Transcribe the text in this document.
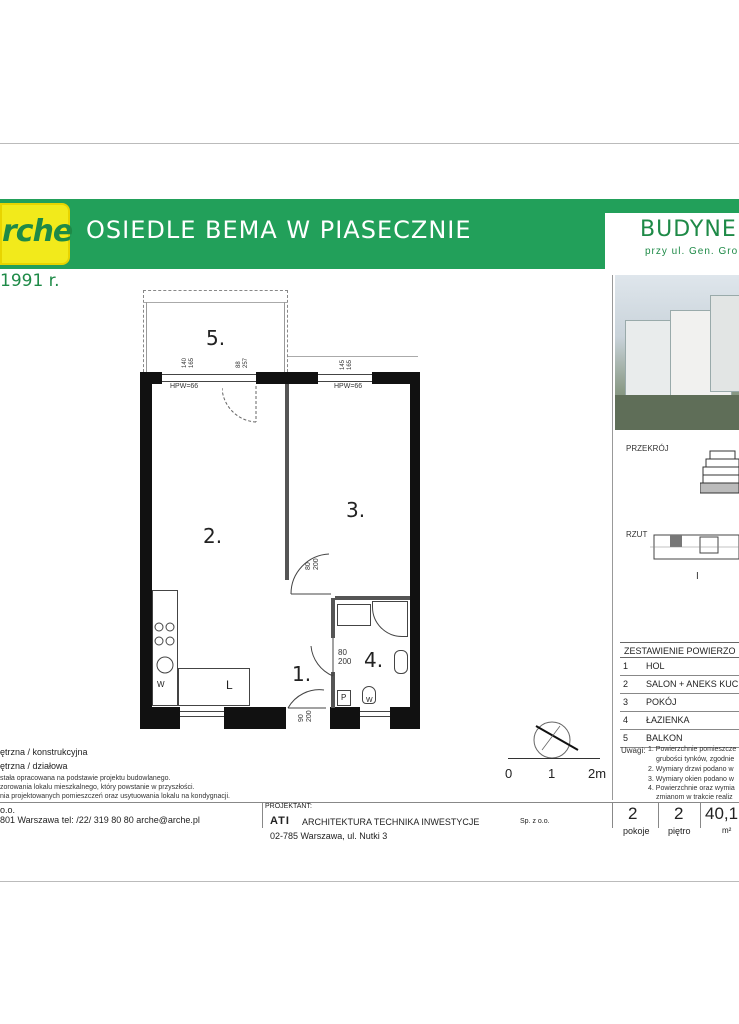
rche
1991 r.
OSIEDLE BEMA W PIASECZNIE	BUDYNE
przy ul. Gen. Gro
PRZEKRÓJ
RZUT
I
ZESTAWIENIE POWIERZO
1 HOL
2 SALON + ANEKS KUC
3 POKÓJ
4 ŁAZIENKA
5 BALKON
Uwagi: 1. Powierzchnie pomieszcze
grubości tynków, zgodnie
2. Wymiary drzwi podano w
3. Wymiary okien podano w
4. Powierzchnie oraz wymia
zmianom w trakcie realiz
P	W
W	L
HPW=66	HPW=66
5.
2.
3.
1.
4.
80
200
80
200
90
200
140
165	88
257	145
165
0	1	2m
ętrzna / konstrukcyjna
ętrzna / działowa
stała opracowana na podstawie projektu budowlanego.
zorowania lokalu mieszkalnego, który powstanie w przyszłości.
nia projektowanych pomieszczeń oraz usytuowania lokalu na kondygnacji.
o.o.
801 Warszawa tel: /22/ 319 80 80 arche@arche.pl
PROJEKTANT:
ATI ARCHITEKTURA TECHNIKA INWESTYCJE	Sp. z o.o.
02-785 Warszawa, ul. Nutki 3
2
pokoje
2
piętro
40,1
m²
